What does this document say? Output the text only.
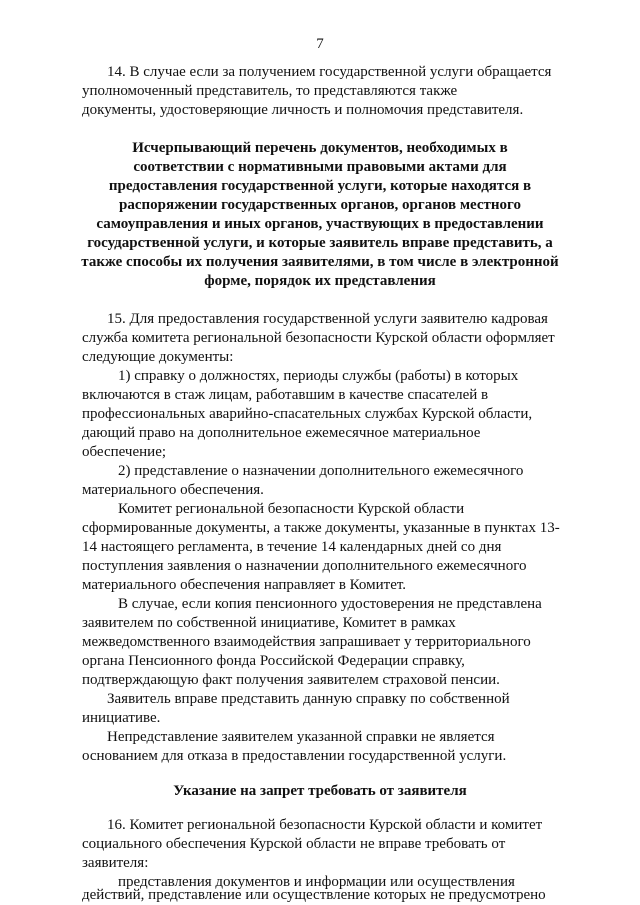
7
14. В случае если за получением государственной услуги обращается
уполномоченный представитель, то представляются также
документы, удостоверяющие личность и полномочия представителя.
Исчерпывающий перечень документов, необходимых в
соответствии с нормативными правовыми актами для
предоставления государственной услуги, которые находятся в
распоряжении государственных органов, органов местного
самоуправления и иных органов, участвующих в предоставлении
государственной услуги, и которые заявитель вправе представить, а
также способы их получения заявителями, в том числе в электронной
форме, порядок их представления
15. Для предоставления государственной услуги заявителю кадровая
служба комитета региональной безопасности Курской области оформляет
следующие документы:
1) справку о должностях, периоды службы (работы) в которых
включаются в стаж лицам, работавшим в качестве спасателей в
профессиональных аварийно-спасательных службах Курской области,
дающий право на дополнительное ежемесячное материальное
обеспечение;
2) представление о назначении дополнительного ежемесячного
материального обеспечения.
Комитет региональной безопасности Курской области
сформированные документы, а также документы, указанные в пунктах 13-
14 настоящего регламента, в течение 14 календарных дней со дня
поступления заявления о назначении дополнительного ежемесячного
материального обеспечения направляет в Комитет.
В случае, если копия пенсионного удостоверения не представлена
заявителем по собственной инициативе, Комитет в рамках
межведомственного взаимодействия запрашивает у территориального
органа Пенсионного фонда Российской Федерации справку,
подтверждающую факт получения заявителем страховой пенсии.
Заявитель вправе представить данную справку по собственной
инициативе.
Непредставление заявителем указанной справки не является
основанием для отказа в предоставлении государственной услуги.
Указание на запрет требовать от заявителя
16. Комитет региональной безопасности Курской области и комитет
социального обеспечения Курской области не вправе требовать от
заявителя:
представления документов и информации или осуществления
действий, представление или осуществление которых не предусмотрено
